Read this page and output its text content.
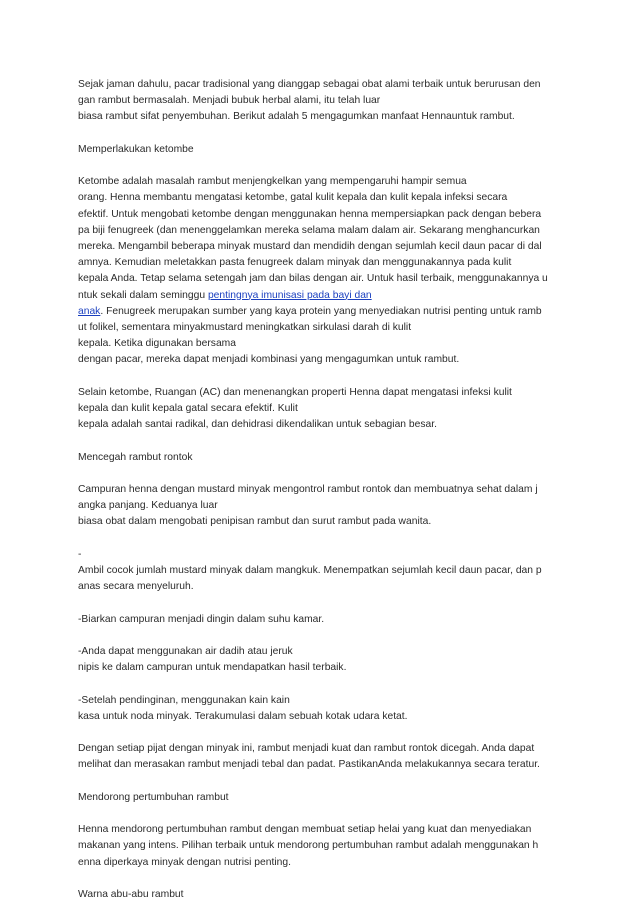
Sejak jaman dahulu, pacar tradisional yang dianggap sebagai obat alami terbaik untuk berurusan den
gan rambut bermasalah. Menjadi bubuk herbal alami, itu telah luar
biasa rambut sifat penyembuhan. Berikut adalah 5 mengagumkan manfaat Hennauntuk rambut.
Memperlakukan ketombe
Ketombe adalah masalah rambut menjengkelkan yang mempengaruhi hampir semua
orang. Henna membantu mengatasi ketombe, gatal kulit kepala dan kulit kepala infeksi secara
efektif. Untuk mengobati ketombe dengan menggunakan henna mempersiapkan pack dengan bebera
pa biji fenugreek (dan menenggelamkan mereka selama malam dalam air. Sekarang menghancurkan
mereka. Mengambil beberapa minyak mustard dan mendidih dengan sejumlah kecil daun pacar di dal
amnya. Kemudian meletakkan pasta fenugreek dalam minyak dan menggunakannya pada kulit
kepala Anda. Tetap selama setengah jam dan bilas dengan air. Untuk hasil terbaik, menggunakannya u
ntuk sekali dalam seminggu pentingnya imunisasi pada bayi dan
anak. Fenugreek merupakan sumber yang kaya protein yang menyediakan nutrisi penting untuk ramb
ut folikel, sementara minyakmustard meningkatkan sirkulasi darah di kulit
kepala. Ketika digunakan bersama
dengan pacar, mereka dapat menjadi kombinasi yang mengagumkan untuk rambut.
Selain ketombe, Ruangan (AC) dan menenangkan properti Henna dapat mengatasi infeksi kulit
kepala dan kulit kepala gatal secara efektif. Kulit
kepala adalah santai radikal, dan dehidrasi dikendalikan untuk sebagian besar.
Mencegah rambut rontok
Campuran henna dengan mustard minyak mengontrol rambut rontok dan membuatnya sehat dalam j
angka panjang. Keduanya luar
biasa obat dalam mengobati penipisan rambut dan surut rambut pada wanita.
-
Ambil cocok jumlah mustard minyak dalam mangkuk. Menempatkan sejumlah kecil daun pacar, dan p
anas secara menyeluruh.
-Biarkan campuran menjadi dingin dalam suhu kamar.
-Anda dapat menggunakan air dadih atau jeruk
nipis ke dalam campuran untuk mendapatkan hasil terbaik.
-Setelah pendinginan, menggunakan kain kain
kasa untuk noda minyak. Terakumulasi dalam sebuah kotak udara ketat.
Dengan setiap pijat dengan minyak ini, rambut menjadi kuat dan rambut rontok dicegah. Anda dapat
melihat dan merasakan rambut menjadi tebal dan padat. PastikanAnda melakukannya secara teratur.
Mendorong pertumbuhan rambut
Henna mendorong pertumbuhan rambut dengan membuat setiap helai yang kuat dan menyediakan
makanan yang intens. Pilihan terbaik untuk mendorong pertumbuhan rambut adalah menggunakan h
enna diperkaya minyak dengan nutrisi penting.
Warna abu-abu rambut
